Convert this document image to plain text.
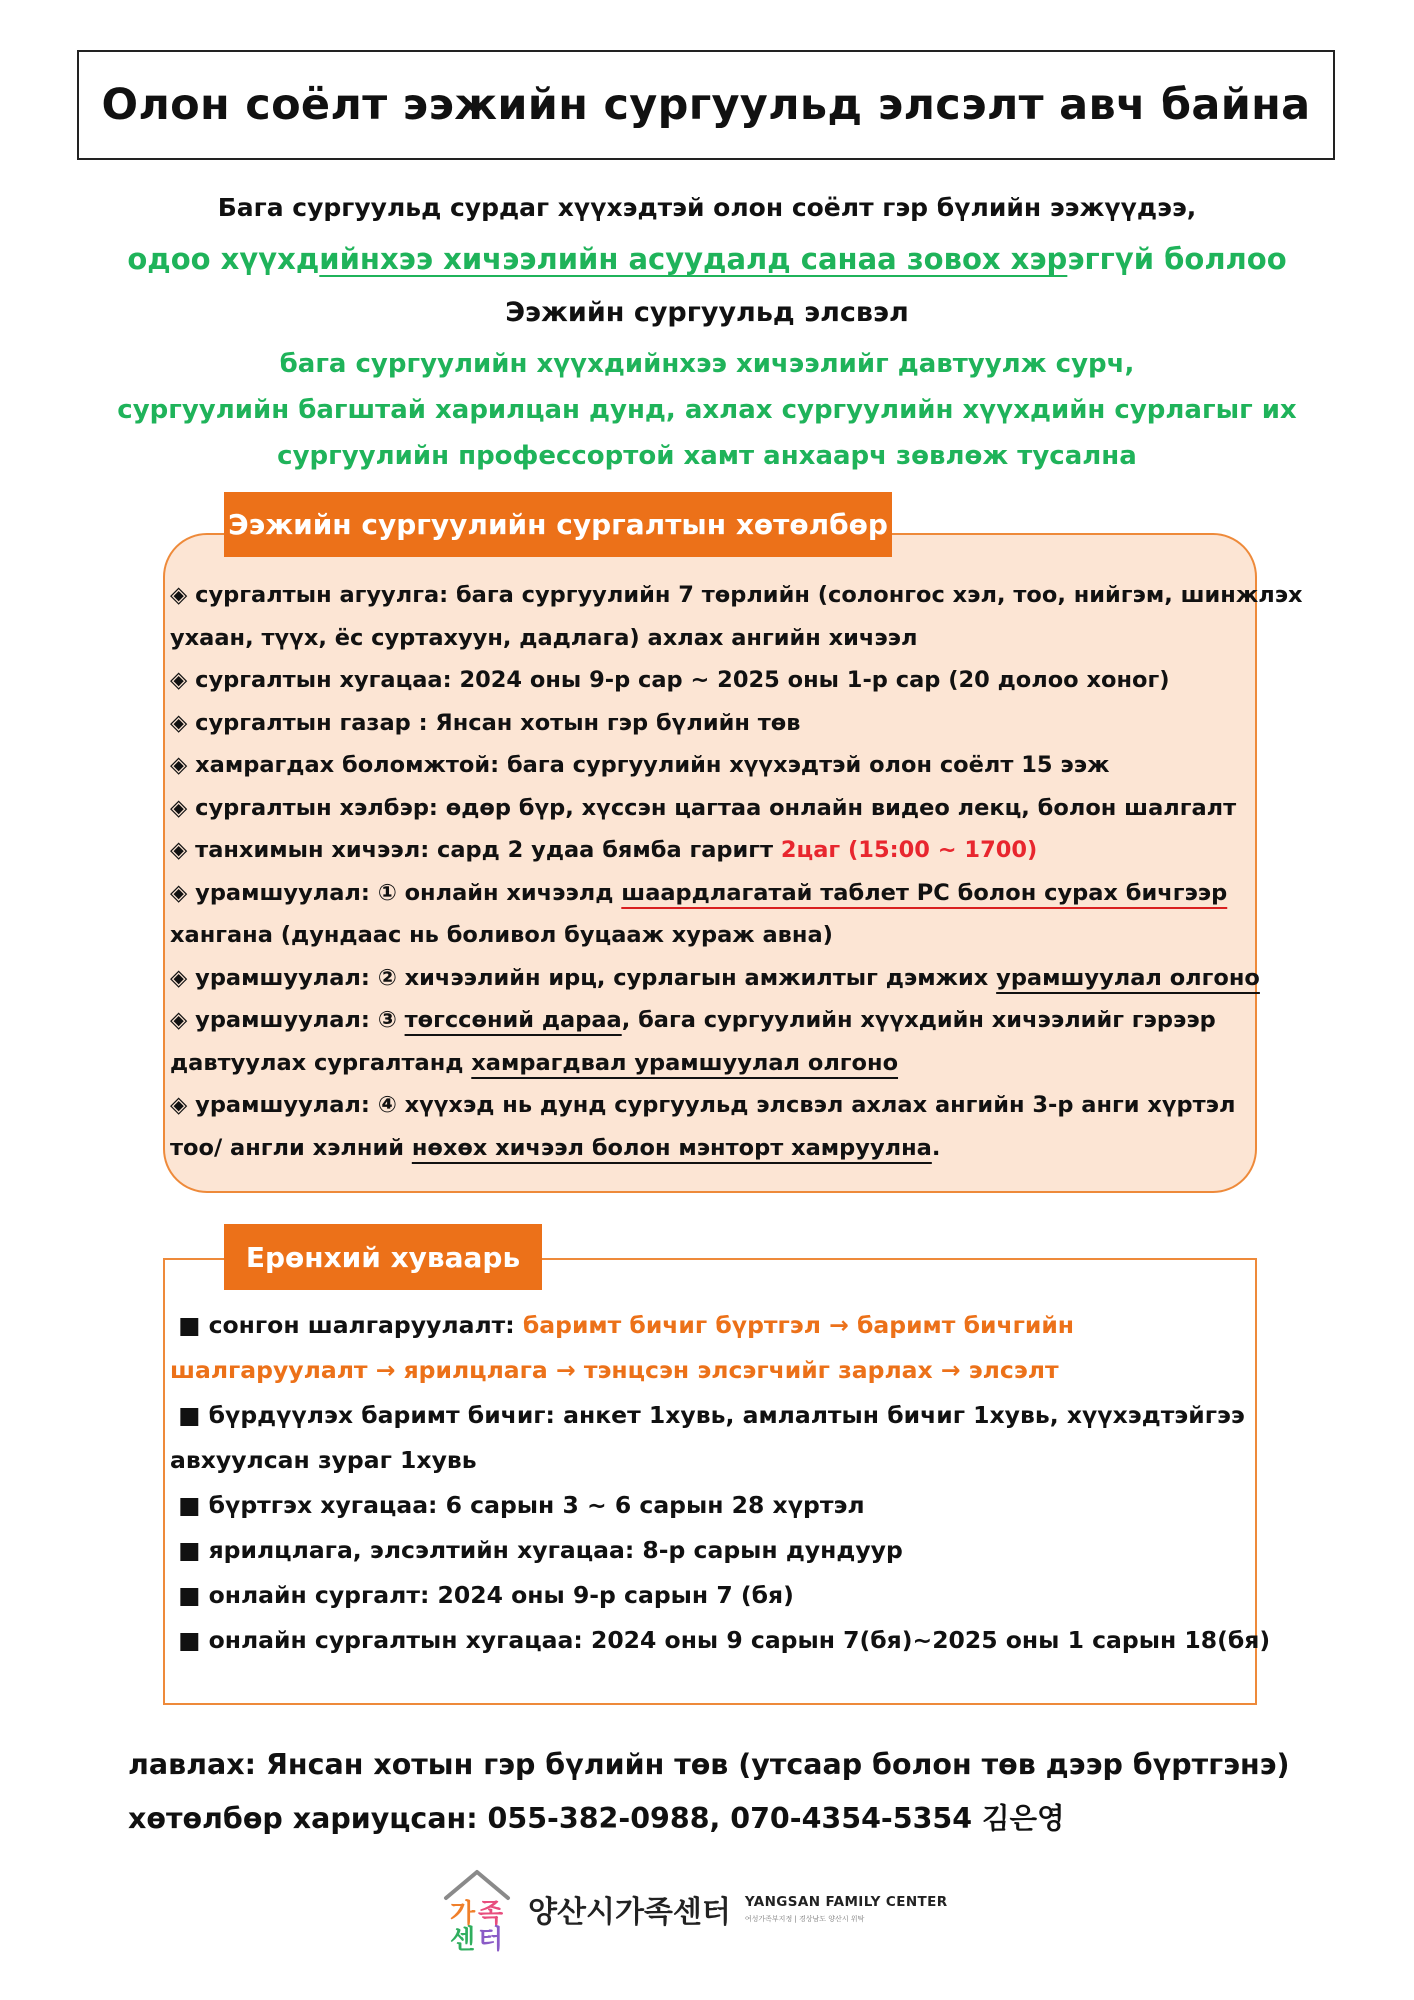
Олон соёлт ээжийн сургуульд элсэлт авч байна
Бага сургуульд сурдаг хүүхэдтэй олон соёлт гэр бүлийн ээжүүдээ,
одоо хүүхдийнхээ хичээлийн асуудалд санаа зовох хэрэггүй боллоо
Ээжийн сургуульд элсвэл
бага сургуулийн хүүхдийнхээ хичээлийг давтуулж сурч,
сургуулийн багштай харилцан дунд, ахлах сургуулийн хүүхдийн сурлагыг их
сургуулийн профессортой хамт анхаарч зөвлөж тусална
Ээжийн сургуулийн сургалтын хөтөлбөр
◈ сургалтын агуулга: бага сургуулийн 7 төрлийн (солонгос хэл, тоо, нийгэм, шинжлэх
ухаан, түүх, ёс суртахуун, дадлага) ахлах ангийн хичээл
◈ сургалтын хугацаа: 2024 оны 9-р сар ~ 2025 оны 1-р сар (20 долоо хоног)
◈ сургалтын газар : Янсан хотын гэр бүлийн төв
◈ хамрагдах боломжтой: бага сургуулийн хүүхэдтэй олон соёлт 15 ээж
◈ сургалтын хэлбэр: өдөр бүр, хүссэн цагтаа онлайн видео лекц, болон шалгалт
◈ танхимын хичээл: сард 2 удаа бямба гаригт 2цаг (15:00 ~ 1700)
◈ урамшуулал: ① онлайн хичээлд шаардлагатай таблет PC болон сурах бичгээр
хангана (дундаас нь боливол буцааж хураж авна)
◈ урамшуулал: ② хичээлийн ирц, сурлагын амжилтыг дэмжих урамшуулал олгоно
◈ урамшуулал: ③ төгссөний дараа, бага сургуулийн хүүхдийн хичээлийг гэрээр
давтуулах сургалтанд хамрагдвал урамшуулал олгоно
◈ урамшуулал: ④ хүүхэд нь дунд сургуульд элсвэл ахлах ангийн 3-р анги хүртэл
тоо/ англи хэлний нөхөх хичээл болон мэнторт хамруулна.
Ерөнхий хуваарь
■ сонгон шалгаруулалт: баримт бичиг бүртгэл → баримт бичгийн
шалгаруулалт → ярилцлага → тэнцсэн элсэгчийг зарлах → элсэлт
■ бүрдүүлэх баримт бичиг: анкет 1хувь, амлалтын бичиг 1хувь, хүүхэдтэйгээ
авхуулсан зураг 1хувь
■ бүртгэх хугацаа: 6 сарын 3 ~ 6 сарын 28 хүртэл
■ ярилцлага, элсэлтийн хугацаа: 8-р сарын дундуур
■ онлайн сургалт: 2024 оны 9-р сарын 7 (бя)
■ онлайн сургалтын хугацаа: 2024 оны 9 сарын 7(бя)~2025 оны 1 сарын 18(бя)
лавлах: Янсан хотын гэр бүлийн төв (утсаар болон төв дээр бүртгэнэ)
хөтөлбөр хариуцсан: 055-382-0988, 070-4354-5354 김은영
가 족
센 터
양산시가족센터 YANGSAN FAMILY CENTER
여성가족부지정 | 경상남도 양산시 위탁
